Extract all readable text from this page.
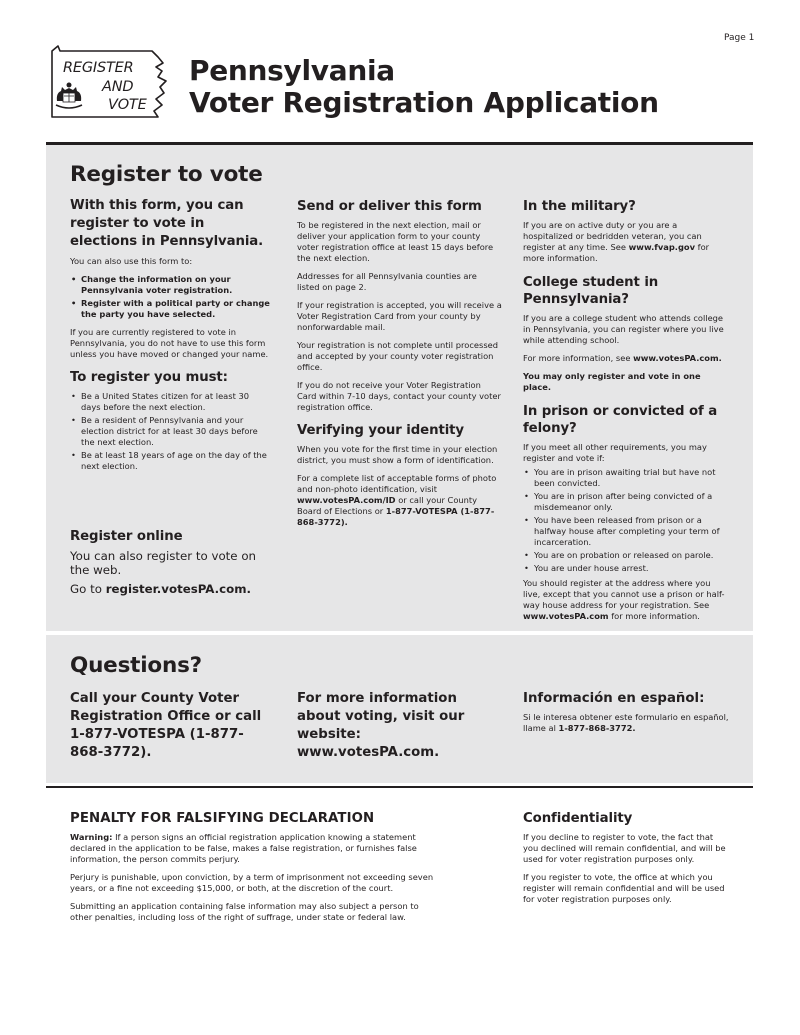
Page 1
REGISTER
AND
VOTE
Pennsylvania
Voter Registration Application
Register to vote
With this form, you can register to vote in elections in Pennsylvania.

You can also use this form to:

• Change the information on your Pennsylvania voter registration.
• Register with a political party or change the party you have selected.

If you are currently registered to vote in Pennsylvania, you do not have to use this form unless you have moved or changed your name.

To register you must:
• Be a United States citizen for at least 30 days before the next election.
• Be a resident of Pennsylvania and your election district for at least 30 days before the next election.
• Be at least 18 years of age on the day of the next election.
Register online

You can also register to vote on the web.

Go to register.votesPA.com.

Send or deliver this form

To be registered in the next election, mail or deliver your application form to your county voter registration office at least 15 days before the next election.

Addresses for all Pennsylvania counties are listed on page 2.

If your registration is accepted, you will receive a Voter Registration Card from your county by nonforwardable mail.

Your registration is not complete until processed and accepted by your county voter registration office.

If you do not receive your Voter Registration Card within 7-10 days, contact your county voter registration office.

Verifying your identity

When you vote for the first time in your election district, you must show a form of identification.

For a complete list of acceptable forms of photo and non-photo identification, visit www.votesPA.com/ID or call your County Board of Elections or 1-877-VOTESPA (1-877-868-3772).

In the military?

If you are on active duty or you are a hospitalized or bedridden veteran, you can register at any time. See www.fvap.gov for more information.

College student in Pennsylvania?

If you are a college student who attends college in Pennsylvania, you can register where you live while attending school.

For more information, see www.votesPA.com.

You may only register and vote in one place.

In prison or convicted of a felony?

If you meet all other requirements, you may register and vote if:

• You are in prison awaiting trial but have not been convicted.
• You are in prison after being convicted of a misdemeanor only.
• You have been released from prison or a halfway house after completing your term of incarceration.
• You are on probation or released on parole.
• You are under house arrest.

You should register at the address where you live, except that you cannot use a prison or half-way house address for your registration. See www.votesPA.com for more information.

Questions?
Call your County Voter Registration Office or call 1-877-VOTESPA (1-877-868-3772).
For more information about voting, visit our website: www.votesPA.com.
Información en español:
Si le interesa obtener este formulario en español, llame al 1-877-868-3772.
PENALTY FOR FALSIFYING DECLARATION

Warning: If a person signs an official registration application knowing a statement declared in the application to be false, makes a false registration, or furnishes false information, the person commits perjury.

Perjury is punishable, upon conviction, by a term of imprisonment not exceeding seven years, or a fine not exceeding $15,000, or both, at the discretion of the court.

Submitting an application containing false information may also subject a person to other penalties, including loss of the right of suffrage, under state or federal law.

Confidentiality

If you decline to register to vote, the fact that you declined will remain confidential, and will be used for voter registration purposes only.

If you register to vote, the office at which you register will remain confidential and will be used for voter registration purposes only.
